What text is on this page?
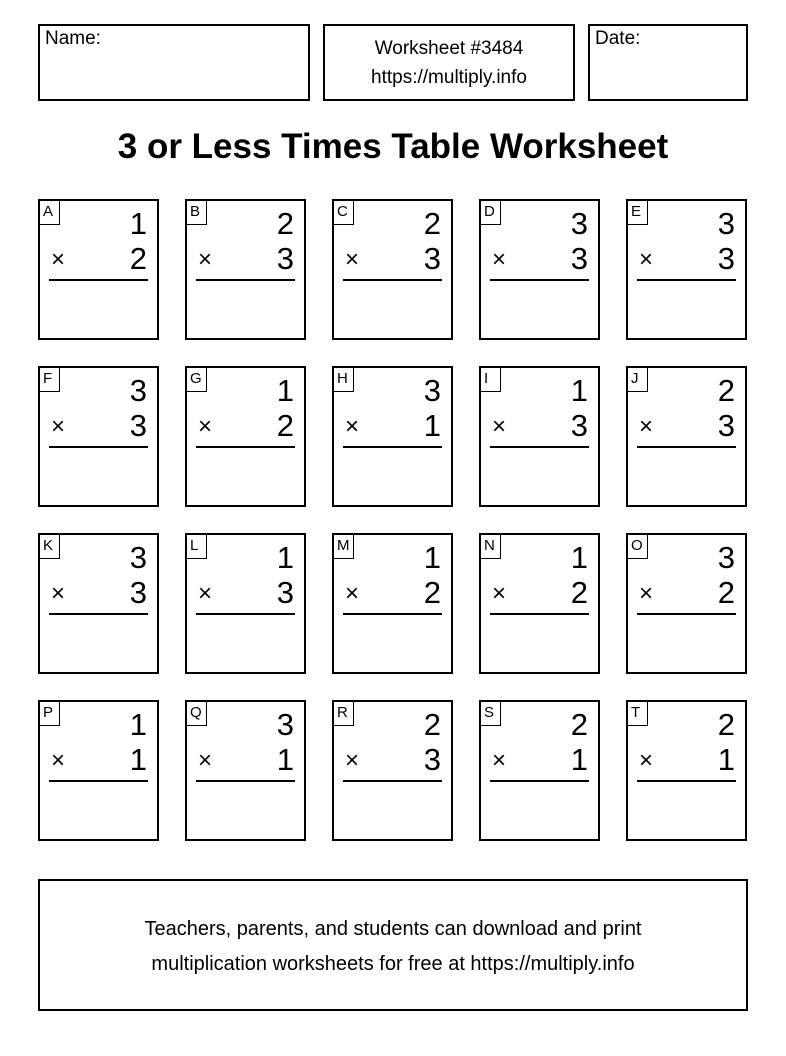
Name:	Worksheet #3484
https://multiply.info
Date:
3 or Less Times Table Worksheet
A 1
× 2
B 2
× 3
C 2
× 3
D 3
× 3
E 3
× 3
F	3
× 3
G 1
× 2
H 3
× 1
I	1
× 3
J	2
× 3
K 3
× 3
L	1
× 3
M 1
× 2
N 1
× 2
O 3
× 2
P 1
× 1
Q 3
× 1
R 2
× 3
S 2
× 1
T	2
× 1
Teachers, parents, and students can download and print
multiplication worksheets for free at https://multiply.info
